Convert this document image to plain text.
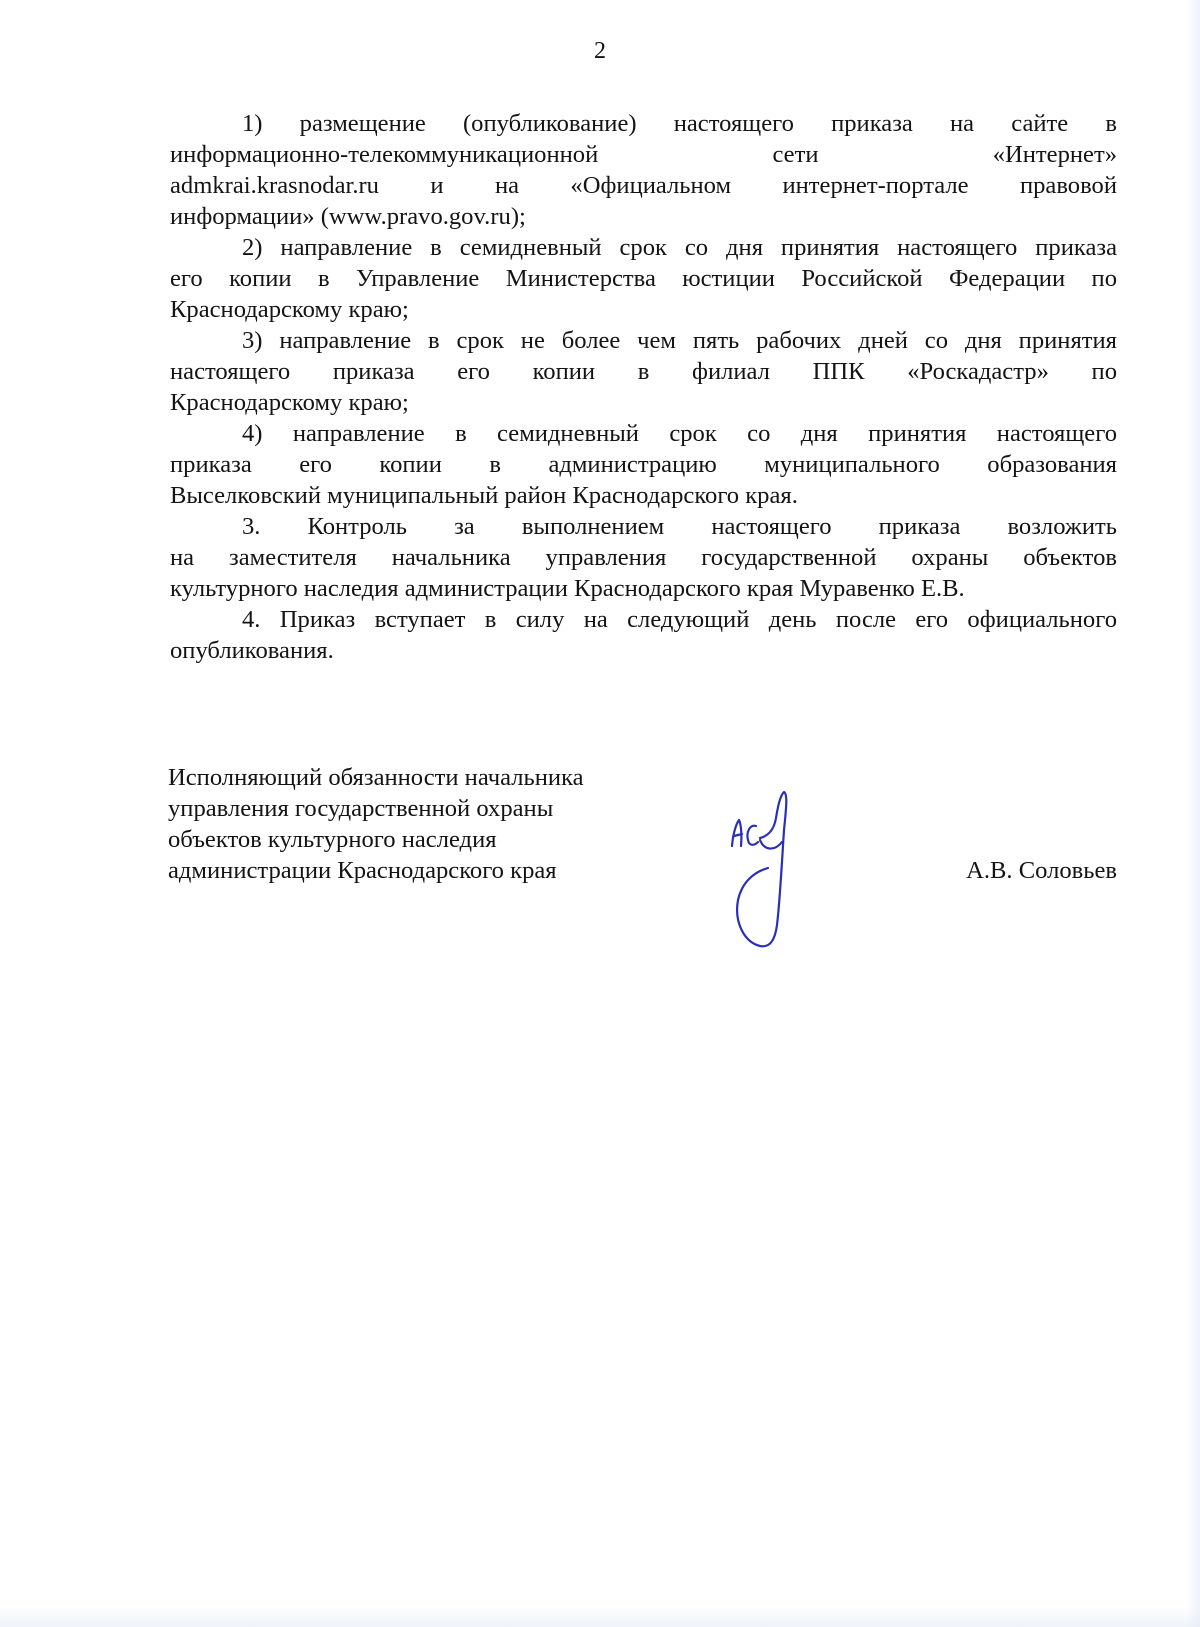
2
1) размещение (опубликование) настоящего приказа на сайте в
информационно-телекоммуникационной сети «Интернет»
admkrai.krasnodar.ru и на «Официальном интернет-портале правовой
информации» (www.pravo.gov.ru);
2) направление в семидневный срок со дня принятия настоящего приказа
его копии в Управление Министерства юстиции Российской Федерации по
Краснодарскому краю;
3) направление в срок не более чем пять рабочих дней со дня принятия
настоящего приказа его копии в филиал ППК «Роскадастр» по
Краснодарскому краю;
4) направление в семидневный срок со дня принятия настоящего
приказа его копии в администрацию муниципального образования
Выселковский муниципальный район Краснодарского края.
3. Контроль за выполнением настоящего приказа возложить
на заместителя начальника управления государственной охраны объектов
культурного наследия администрации Краснодарского края Муравенко Е.В.
4. Приказ вступает в силу на следующий день после его официального
опубликования.
Исполняющий обязанности начальника
управления государственной охраны
объектов культурного наследия
администрации Краснодарского края	А.В. Соловьев
